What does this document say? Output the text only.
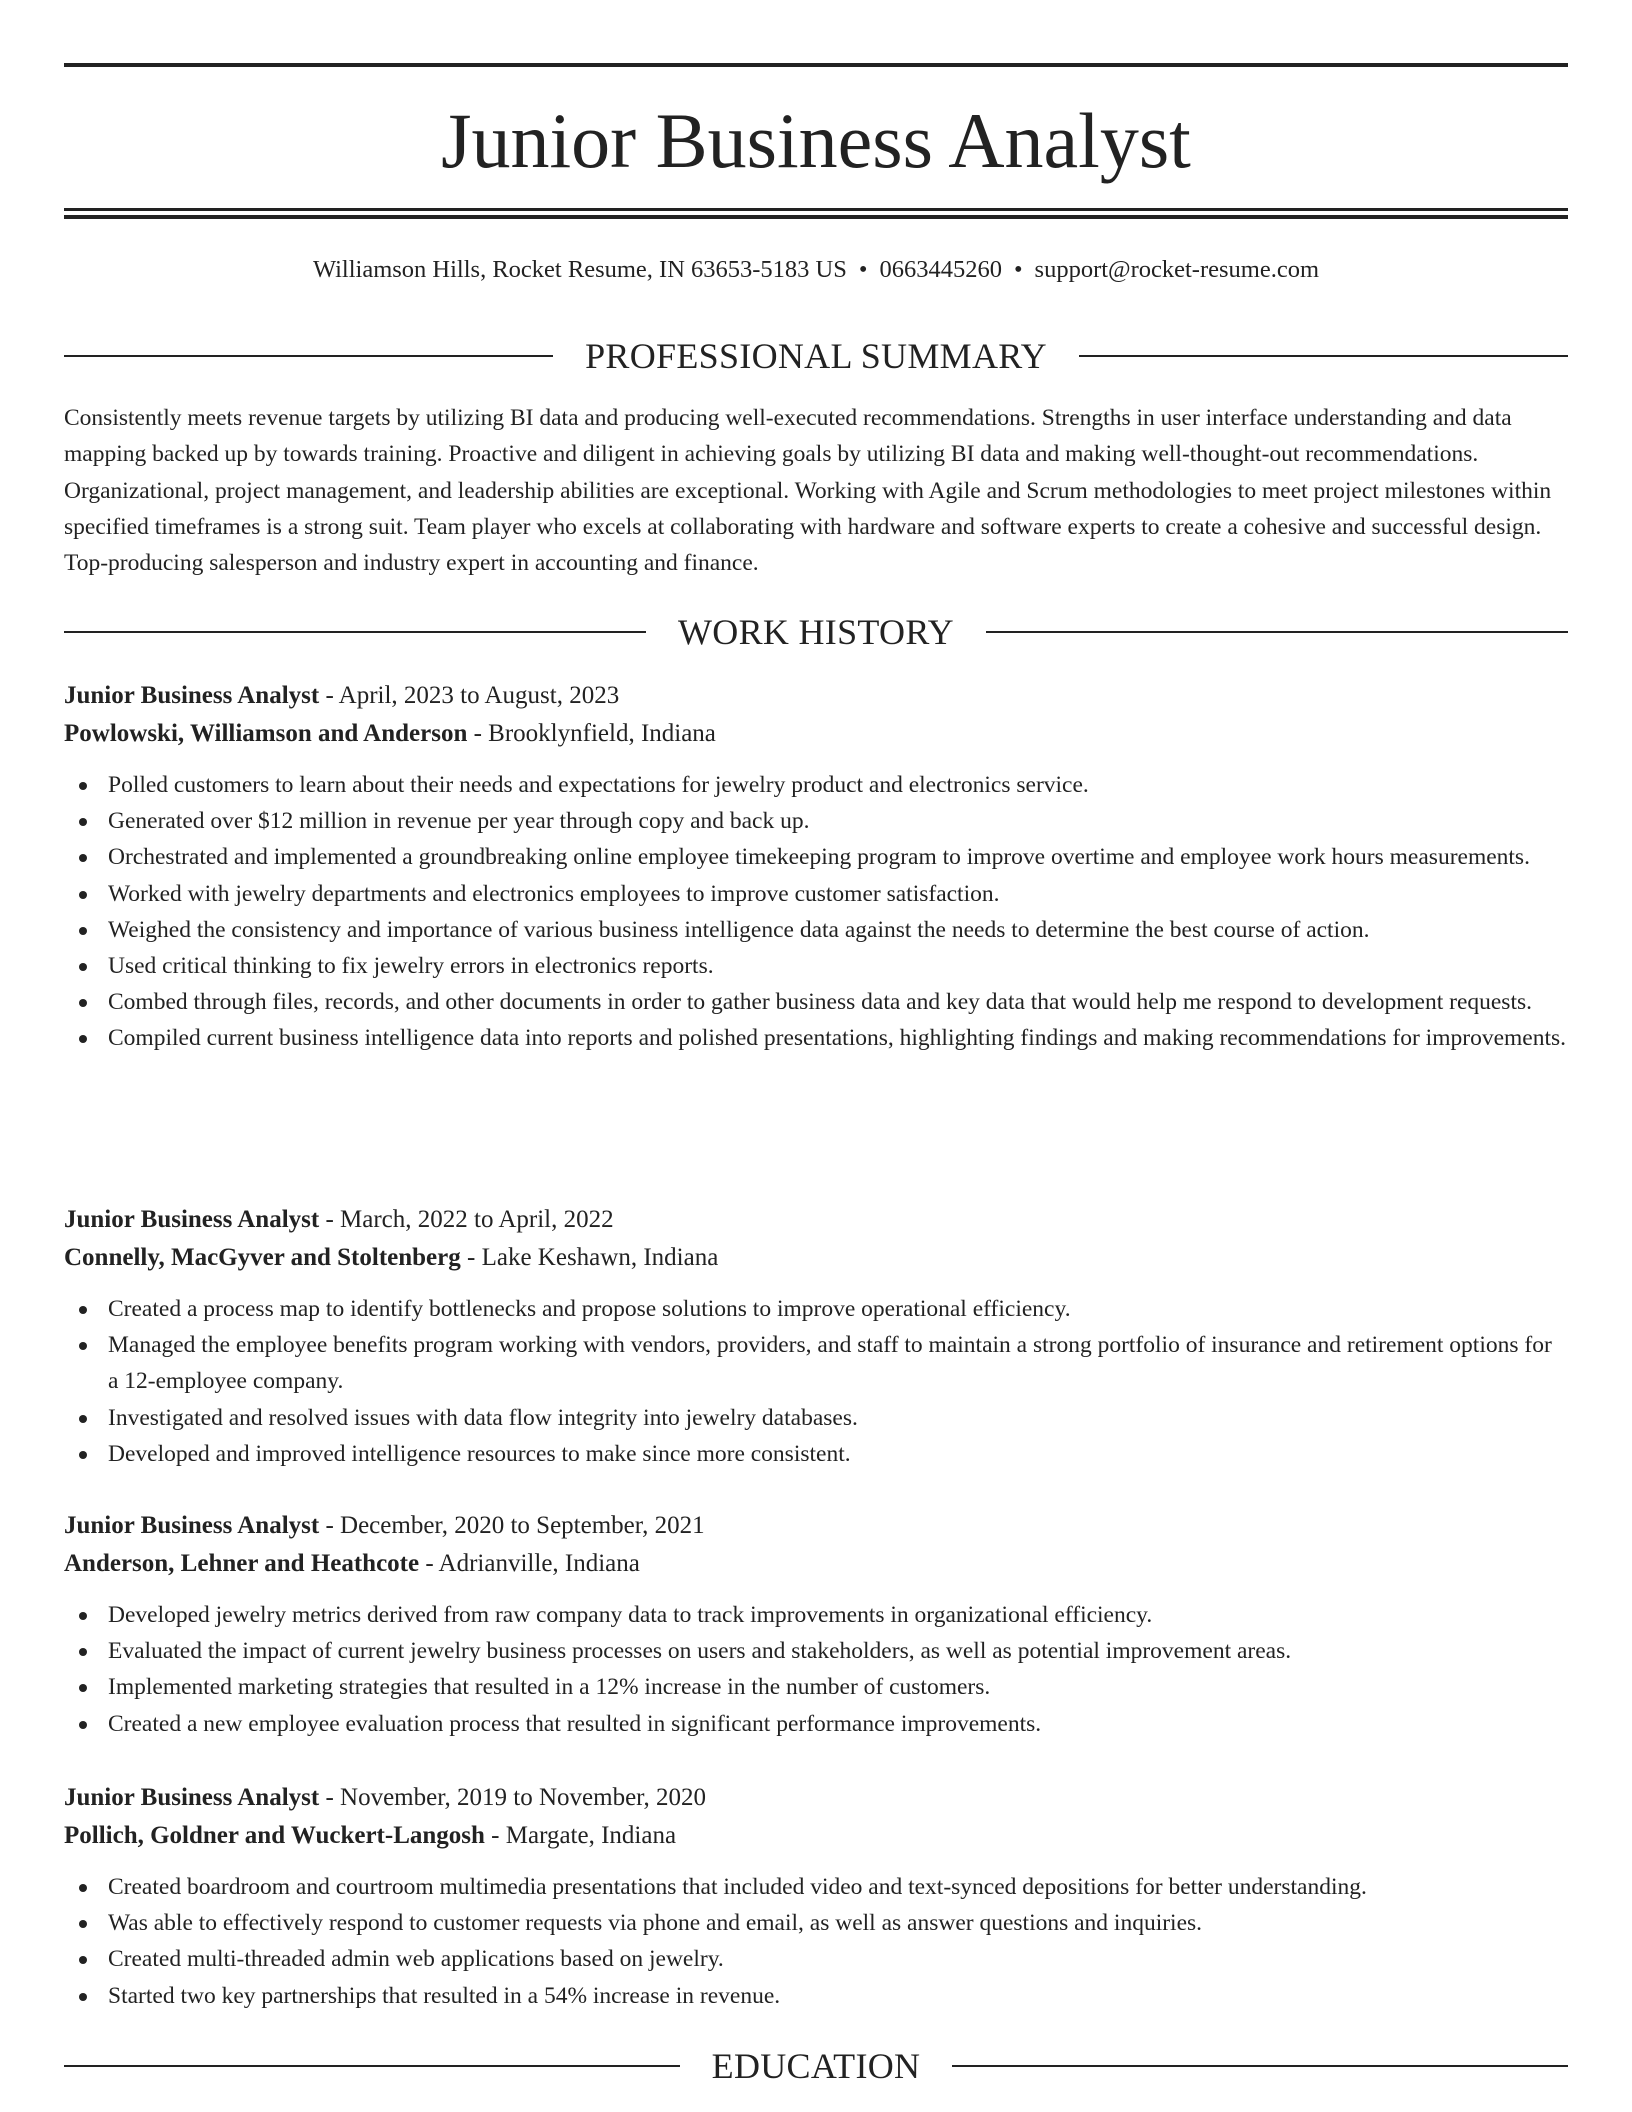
Junior Business Analyst
Williamson Hills, Rocket Resume, IN 63653-5183 US • 0663445260 • support@rocket-resume.com
PROFESSIONAL SUMMARY

Consistently meets revenue targets by utilizing BI data and producing well-executed recommendations. Strengths in user interface understanding and data mapping backed up by towards training. Proactive and diligent in achieving goals by utilizing BI data and making well-thought-out recommendations. Organizational, project management, and leadership abilities are exceptional. Working with Agile and Scrum methodologies to meet project milestones within specified timeframes is a strong suit. Team player who excels at collaborating with hardware and software experts to create a cohesive and successful design. Top-producing salesperson and industry expert in accounting and finance.

WORK HISTORY
Junior Business Analyst - April, 2023 to August, 2023
Powlowski, Williamson and Anderson - Brooklynfield, Indiana
Polled customers to learn about their needs and expectations for jewelry product and electronics service.
Generated over $12 million in revenue per year through copy and back up.
Orchestrated and implemented a groundbreaking online employee timekeeping program to improve overtime and employee work hours measurements.
Worked with jewelry departments and electronics employees to improve customer satisfaction.
Weighed the consistency and importance of various business intelligence data against the needs to determine the best course of action.
Used critical thinking to fix jewelry errors in electronics reports.
Combed through files, records, and other documents in order to gather business data and key data that would help me respond to development requests.
Compiled current business intelligence data into reports and polished presentations, highlighting findings and making recommendations for improvements.
Junior Business Analyst - March, 2022 to April, 2022
Connelly, MacGyver and Stoltenberg - Lake Keshawn, Indiana
Created a process map to identify bottlenecks and propose solutions to improve operational efficiency.
Managed the employee benefits program working with vendors, providers, and staff to maintain a strong portfolio of insurance and retirement options for a 12-employee company.
Investigated and resolved issues with data flow integrity into jewelry databases.
Developed and improved intelligence resources to make since more consistent.
Junior Business Analyst - December, 2020 to September, 2021
Anderson, Lehner and Heathcote - Adrianville, Indiana
Developed jewelry metrics derived from raw company data to track improvements in organizational efficiency.
Evaluated the impact of current jewelry business processes on users and stakeholders, as well as potential improvement areas.
Implemented marketing strategies that resulted in a 12% increase in the number of customers.
Created a new employee evaluation process that resulted in significant performance improvements.
Junior Business Analyst - November, 2019 to November, 2020
Pollich, Goldner and Wuckert-Langosh - Margate, Indiana
Created boardroom and courtroom multimedia presentations that included video and text-synced depositions for better understanding.
Was able to effectively respond to customer requests via phone and email, as well as answer questions and inquiries.
Created multi-threaded admin web applications based on jewelry.
Started two key partnerships that resulted in a 54% increase in revenue.
EDUCATION
